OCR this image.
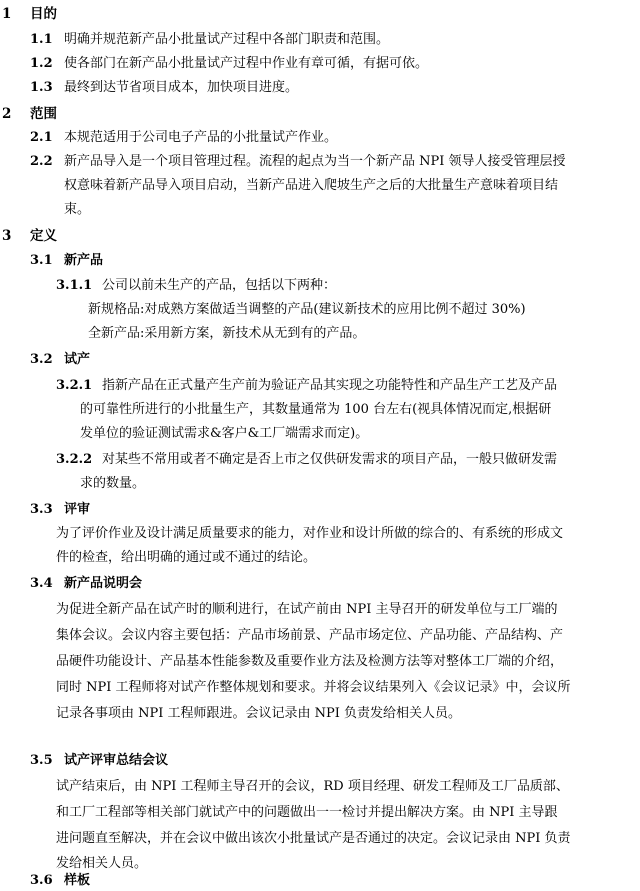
1 目的
1.1 明确并规范新产品小批量试产过程中各部门职责和范围。
1.2 使各部门在新产品小批量试产过程中作业有章可循，有据可依。
1.3 最终到达节省项目成本，加快项目进度。
2 范围
2.1 本规范适用于公司电子产品的小批量试产作业。
2.2 新产品导入是一个项目管理过程。流程的起点为当一个新产品 NPI 领导人接受管理层授
权意味着新产品导入项目启动，当新产品进入爬坡生产之后的大批量生产意味着项目结
束。
3 定义
3.1 新产品
3.1.1 公司以前未生产的产品，包括以下两种：
新规格品:对成熟方案做适当调整的产品(建议新技术的应用比例不超过 30%)
全新产品:采用新方案，新技术从无到有的产品。
3.2 试产
3.2.1 指新产品在正式量产生产前为验证产品其实现之功能特性和产品生产工艺及产品
的可靠性所进行的小批量生产，其数量通常为 100 台左右(视具体情况而定,根据研
发单位的验证测试需求&客户&工厂端需求而定)。
3.2.2 对某些不常用或者不确定是否上市之仅供研发需求的项目产品，一般只做研发需
求的数量。
3.3 评审
为了评价作业及设计满足质量要求的能力，对作业和设计所做的综合的、有系统的形成文
件的检查，给出明确的通过或不通过的结论。
3.4 新产品说明会
为促进全新产品在试产时的顺利进行，在试产前由 NPI 主导召开的研发单位与工厂端的
集体会议。会议内容主要包括：产品市场前景、产品市场定位、产品功能、产品结构、产
品硬件功能设计、产品基本性能参数及重要作业方法及检测方法等对整体工厂端的介绍，
同时 NPI 工程师将对试产作整体规划和要求。并将会议结果列入《会议记录》中，会议所
记录各事项由 NPI 工程师跟进。会议记录由 NPI 负责发给相关人员。
3.5 试产评审总结会议
试产结束后，由 NPI 工程师主导召开的会议，RD 项目经理、研发工程师及工厂品质部、
和工厂工程部等相关部门就试产中的问题做出一一检讨并提出解决方案。由 NPI 主导跟
进问题直至解决，并在会议中做出该次小批量试产是否通过的决定。会议记录由 NPI 负责
发给相关人员。
3.6 样板
